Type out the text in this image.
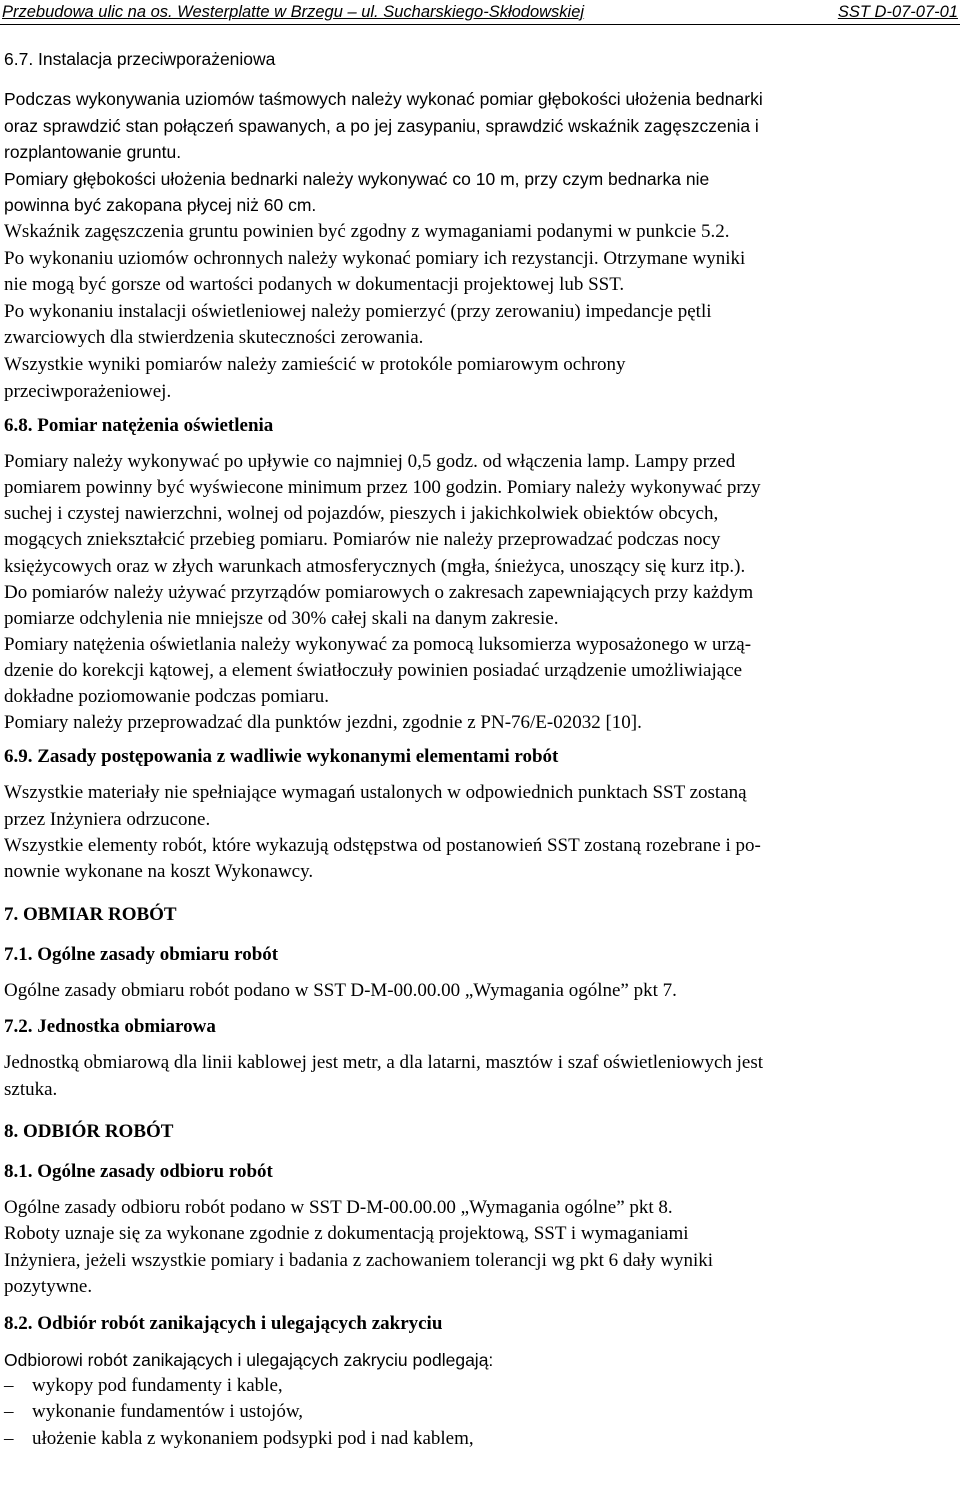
Przebudowa ulic na os. Westerplatte w Brzegu – ul. Sucharskiego-Skłodowskiej	SST D-07-07-01
6.7. Instalacja przeciwporażeniowa
Podczas wykonywania uziomów taśmowych należy wykonać pomiar głębokości ułożenia bednarki
oraz sprawdzić stan połączeń spawanych, a po jej zasypaniu, sprawdzić wskaźnik zagęszczenia i
rozplantowanie gruntu.
Pomiary głębokości ułożenia bednarki należy wykonywać co 10 m, przy czym bednarka nie
powinna być zakopana płycej niż 60 cm.
Wskaźnik zagęszczenia gruntu powinien być zgodny z wymaganiami podanymi w punkcie 5.2.
Po wykonaniu uziomów ochronnych należy wykonać pomiary ich rezystancji. Otrzymane wyniki
nie mogą być gorsze od wartości podanych w dokumentacji projektowej lub SST.
Po wykonaniu instalacji oświetleniowej należy pomierzyć (przy zerowaniu) impedancje pętli
zwarciowych dla stwierdzenia skuteczności zerowania.
Wszystkie wyniki pomiarów należy zamieścić w protokóle pomiarowym ochrony
przeciwporażeniowej.
6.8. Pomiar natężenia oświetlenia
Pomiary należy wykonywać po upływie co najmniej 0,5 godz. od włączenia lamp. Lampy przed
pomiarem powinny być wyświecone minimum przez 100 godzin. Pomiary należy wykonywać przy
suchej i czystej nawierzchni, wolnej od pojazdów, pieszych i jakichkolwiek obiektów obcych,
mogących zniekształcić przebieg pomiaru. Pomiarów nie należy przeprowadzać podczas nocy
księżycowych oraz w złych warunkach atmosferycznych (mgła, śnieżyca, unoszący się kurz itp.).
Do pomiarów należy używać przyrządów pomiarowych o zakresach zapewniających przy każdym
pomiarze odchylenia nie mniejsze od 30% całej skali na danym zakresie.
Pomiary natężenia oświetlania należy wykonywać za pomocą luksomierza wyposażonego w urzą-
dzenie do korekcji kątowej, a element światłoczuły powinien posiadać urządzenie umożliwiające
dokładne poziomowanie podczas pomiaru.
Pomiary należy przeprowadzać dla punktów jezdni, zgodnie z PN-76/E-02032 [10].
6.9. Zasady postępowania z wadliwie wykonanymi elementami robót
Wszystkie materiały nie spełniające wymagań ustalonych w odpowiednich punktach SST zostaną
przez Inżyniera odrzucone.
Wszystkie elementy robót, które wykazują odstępstwa od postanowień SST zostaną rozebrane i po-
nownie wykonane na koszt Wykonawcy.
7. OBMIAR ROBÓT
7.1. Ogólne zasady obmiaru robót
Ogólne zasady obmiaru robót podano w SST D-M-00.00.00 „Wymagania ogólne” pkt 7.
7.2. Jednostka obmiarowa
Jednostką obmiarową dla linii kablowej jest metr, a dla latarni, masztów i szaf oświetleniowych jest
sztuka.
8. ODBIÓR ROBÓT
8.1. Ogólne zasady odbioru robót
Ogólne zasady odbioru robót podano w SST D-M-00.00.00 „Wymagania ogólne” pkt 8.
Roboty uznaje się za wykonane zgodnie z dokumentacją projektową, SST i wymaganiami
Inżyniera, jeżeli wszystkie pomiary i badania z zachowaniem tolerancji wg pkt 6 dały wyniki
pozytywne.
8.2. Odbiór robót zanikających i ulegających zakryciu
Odbiorowi robót zanikających i ulegających zakryciu podlegają:
– wykopy pod fundamenty i kable,
– wykonanie fundamentów i ustojów,
– ułożenie kabla z wykonaniem podsypki pod i nad kablem,
